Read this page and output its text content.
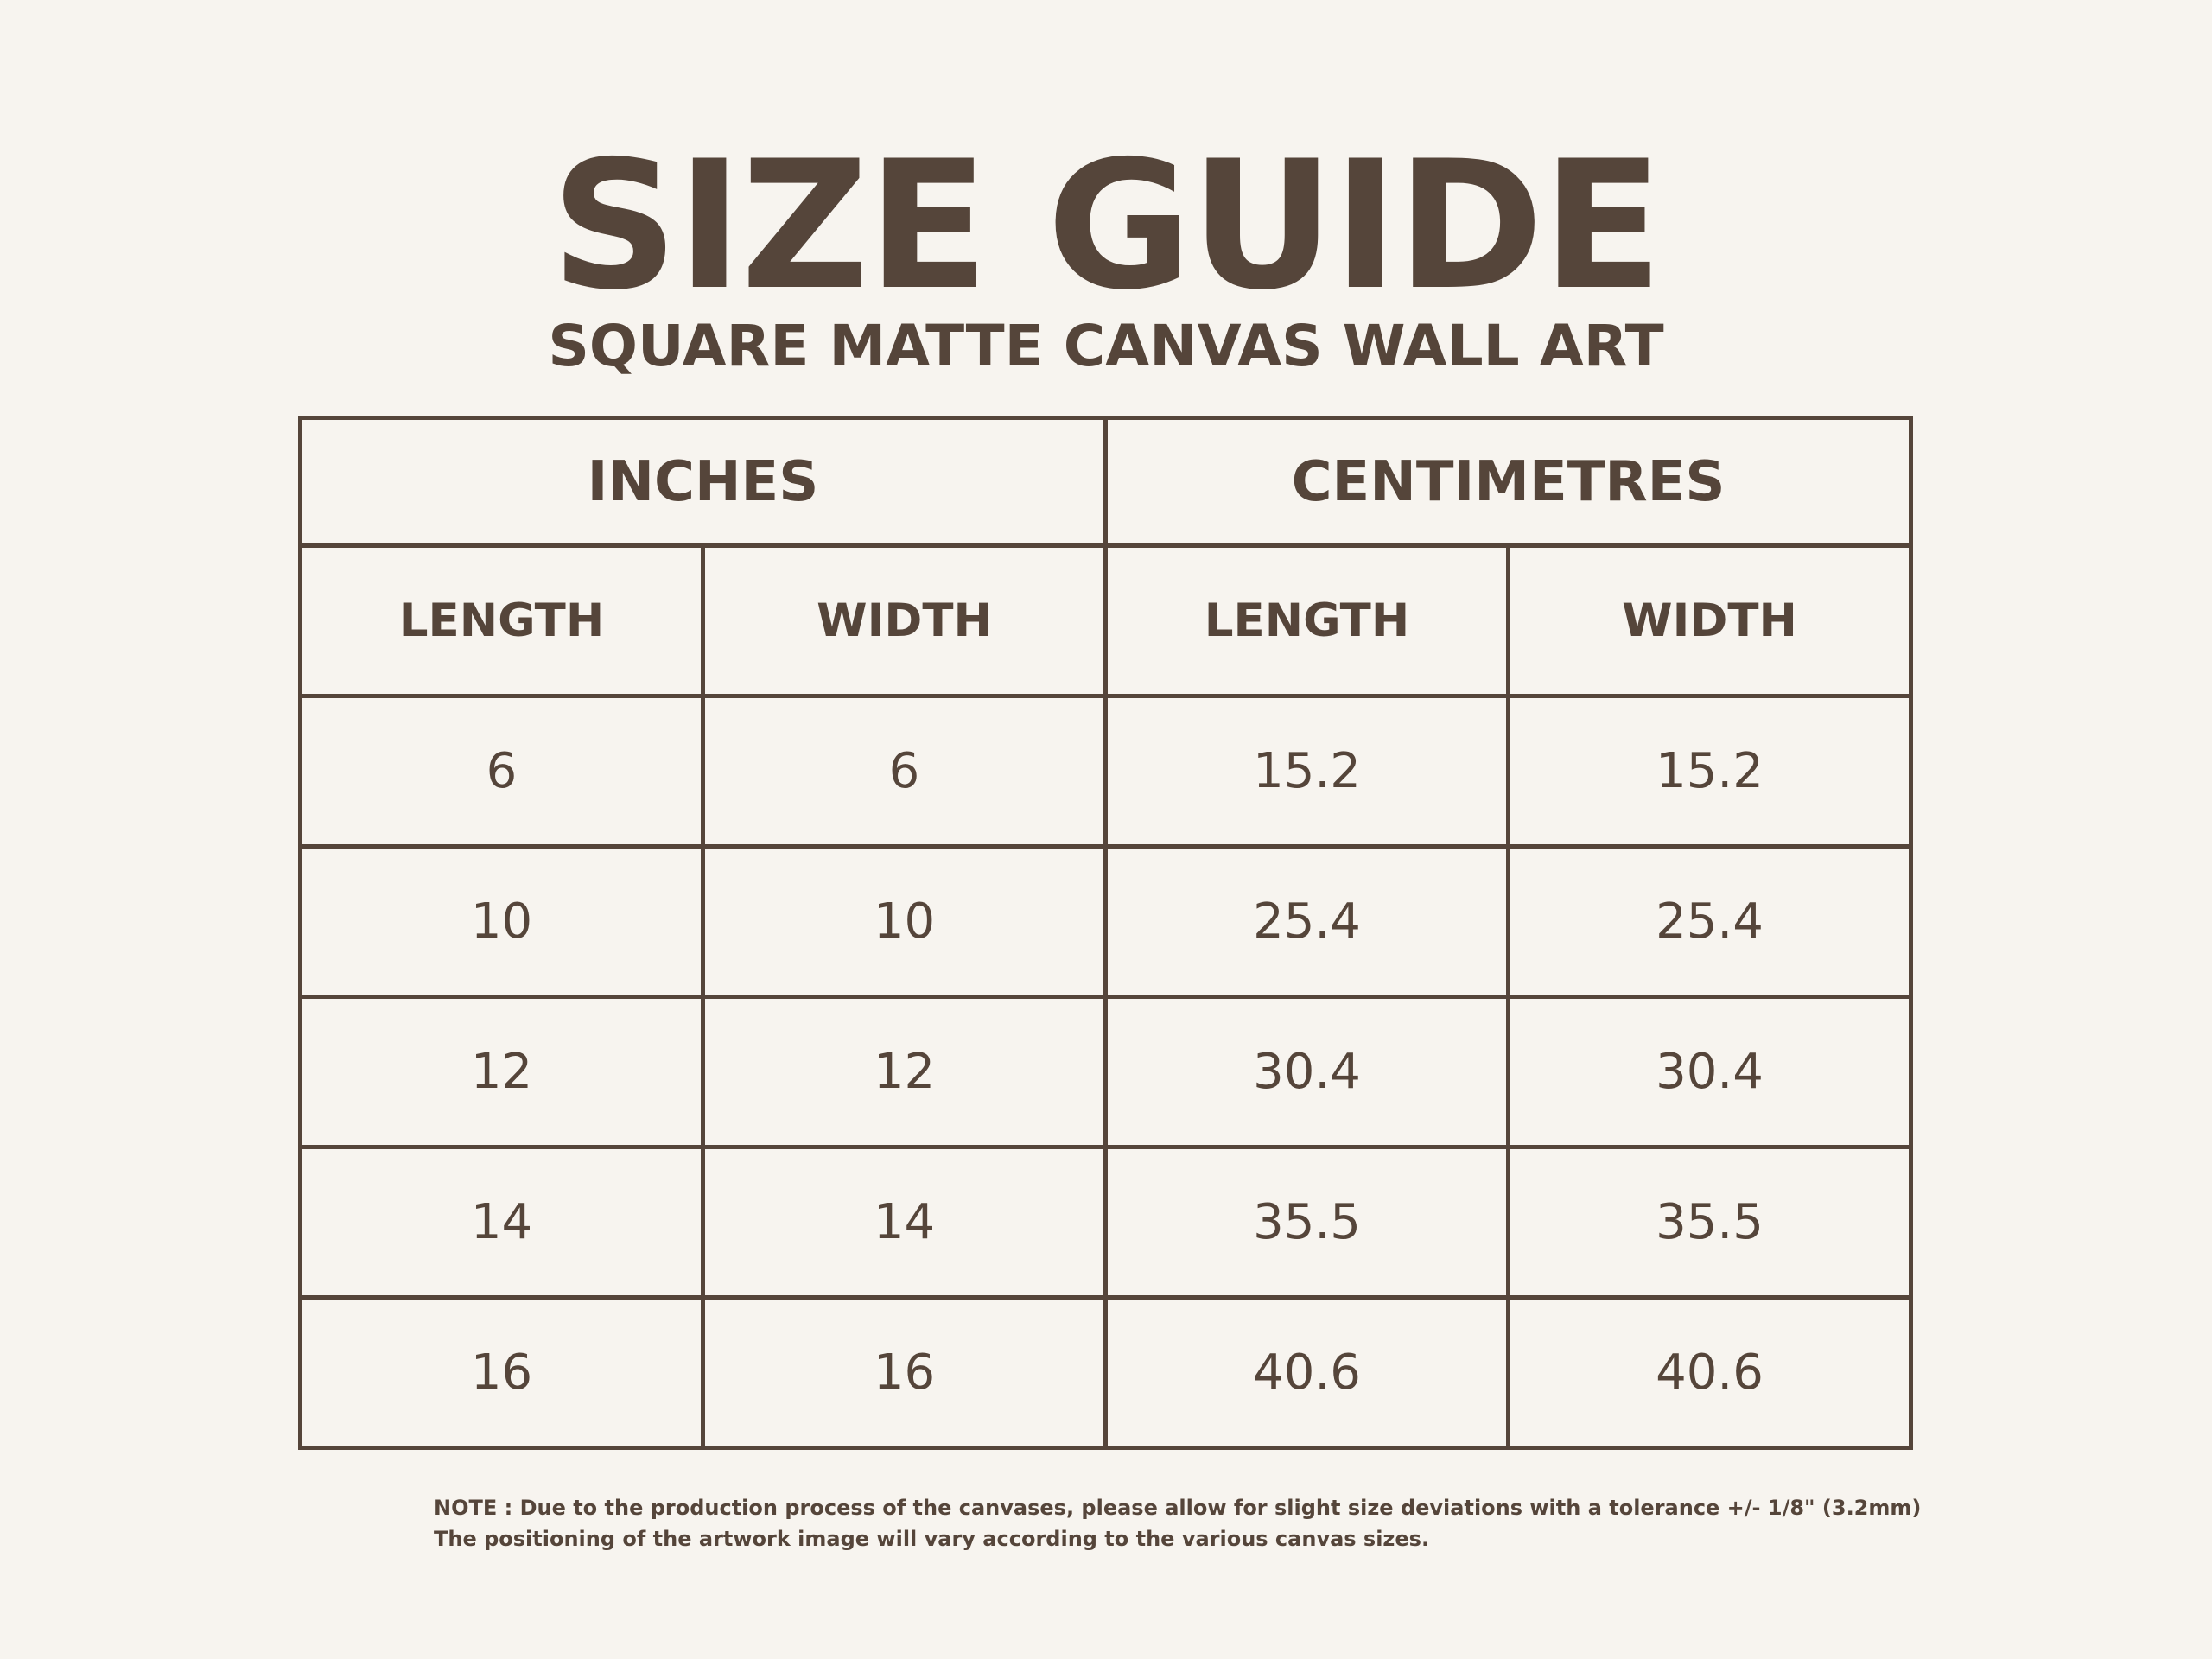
SIZE GUIDE
SQUARE MATTE CANVAS WALL ART
INCHES		CENTIMETRES	
LENGTH	WIDTH	LENGTH	WIDTH
6	6	15.2	15.2
10	10	25.4	25.4
12	12	30.4	30.4
14	14	35.5	35.5
16	16	40.6	40.6
NOTE : Due to the production process of the canvases, please allow for slight size deviations with a tolerance +/- 1/8" (3.2mm)
The positioning of the artwork image will vary according to the various canvas sizes.
